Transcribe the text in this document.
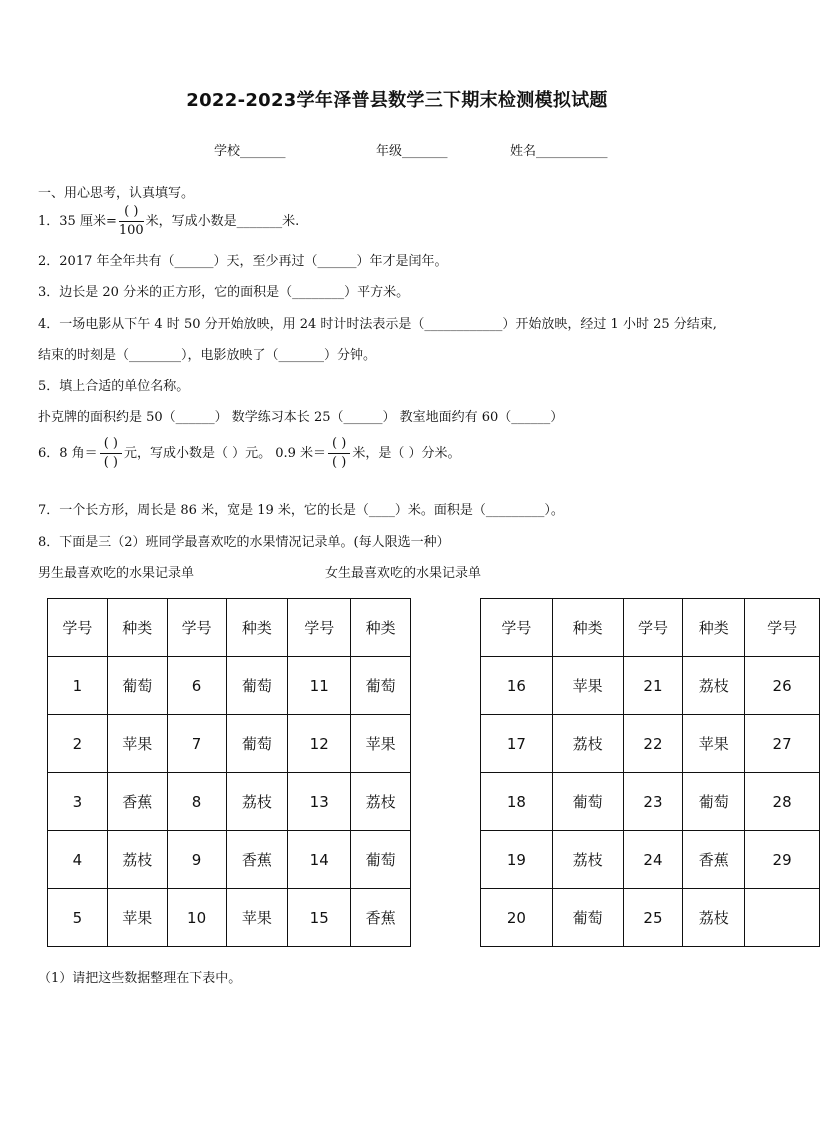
2022-2023学年泽普县数学三下期末检测模拟试题
学校_______	年级_______	姓名___________
一、用心思考，认真填写。
1．35 厘米= $\frac{( )}{100}$ 米，写成小数是_______米.
2．2017 年全年共有（______）天，至少再过（______）年才是闰年。
3．边长是 20 分米的正方形，它的面积是（________）平方米。
4．一场电影从下午 4 时 50 分开始放映，用 24 时计时法表示是（____________）开始放映，经过 1 小时 25 分结束,
结束的时刻是（________），电影放映了（_______）分钟。
5．填上合适的单位名称。
扑克牌的面积约是 50（______） 数学练习本长 25（______） 教室地面约有 60（______）
6．8 角＝ $\frac{( )}{( )}$ 元，写成小数是（ ）元。 0.9 米＝ $\frac{( )}{( )}$ 米，是（ ）分米。
7．一个长方形，周长是 86 米，宽是 19 米，它的长是（____）米。面积是（_________）。
8．下面是三（2）班同学最喜欢吃的水果情况记录单。(每人限选一种）
男生最喜欢吃的水果记录单	女生最喜欢吃的水果记录单
学号	种类	学号	种类	学号	种类
1	葡萄	6	葡萄	11	葡萄
2	苹果	7	葡萄	12	苹果
3	香蕉	8	荔枝	13	荔枝
4	荔枝	9	香蕉	14	葡萄
5	苹果	10	苹果	15	香蕉
学号	种类	学号	种类	学号
16	苹果	21	荔枝	26
17	荔枝	22	苹果	27
18	葡萄	23	葡萄	28
19	荔枝	24	香蕉	29
20	葡萄	25	荔枝	
（1）请把这些数据整理在下表中。
